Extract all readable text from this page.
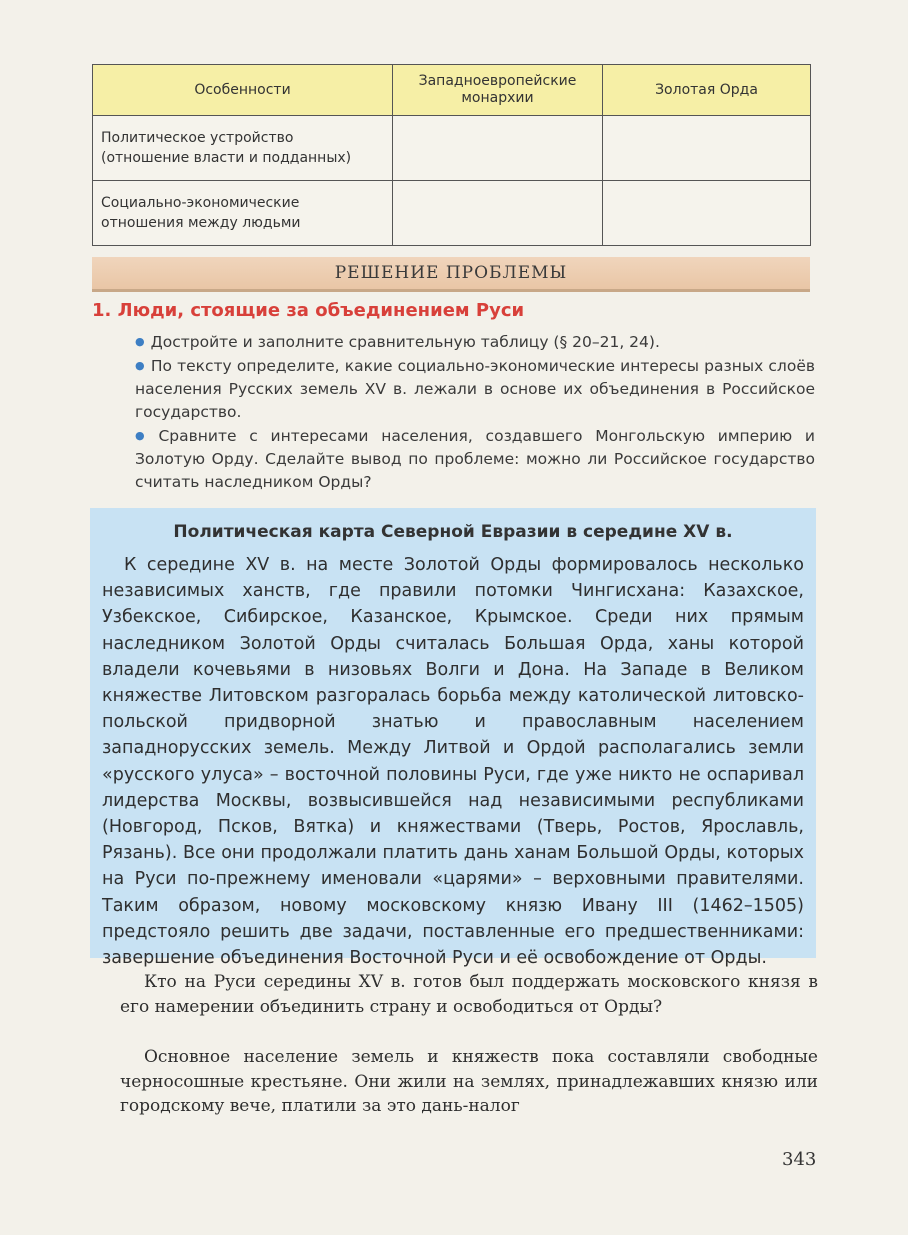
Особенности	Западноевропейские монархии	Золотая Орда
Политическое устройство (отношение власти и подданных)		
Социально-экономические отношения между людьми		
РЕШЕНИЕ ПРОБЛЕМЫ
1. Люди, стоящие за объединением Руси

● Достройте и заполните сравнительную таблицу (§ 20–21, 24).

● По тексту определите, какие социально-экономические интересы разных слоёв населения Русских земель XV в. лежали в основе их объединения в Российское государство.

● Сравните с интересами населения, создавшего Монгольскую империю и Золотую Орду. Сделайте вывод по проблеме: можно ли Российское государство считать наследником Орды?

Политическая карта Северной Евразии в середине XV в.

К середине XV в. на месте Золотой Орды формировалось несколько независимых ханств, где правили потомки Чингисхана: Казахское, Узбекское, Сибирское, Казанское, Крымское. Среди них прямым наследником Золотой Орды считалась Большая Орда, ханы которой владели кочевьями в низовьях Волги и Дона. На Западе в Великом княжестве Литовском разгоралась борьба между католической литовско-польской придворной знатью и православным населением западнорусских земель. Между Литвой и Ордой располагались земли «русского улуса» – восточной половины Руси, где уже никто не оспаривал лидерства Москвы, возвысившейся над независимыми республиками (Новгород, Псков, Вятка) и княжествами (Тверь, Ростов, Ярославль, Рязань). Все они продолжали платить дань ханам Большой Орды, которых на Руси по-прежнему именовали «царями» – верховными правителями. Таким образом, новому московскому князю Ивану III (1462–1505) предстояло решить две задачи, поставленные его предшественниками: завершение объединения Восточной Руси и её освобождение от Орды.

Кто на Руси середины XV в. готов был поддержать московского князя в его намерении объединить страну и освободиться от Орды?

Основное население земель и княжеств пока составляли свободные черносошные крестьяне. Они жили на землях, принадлежавших князю или городскому вече, платили за это дань-налог

343
